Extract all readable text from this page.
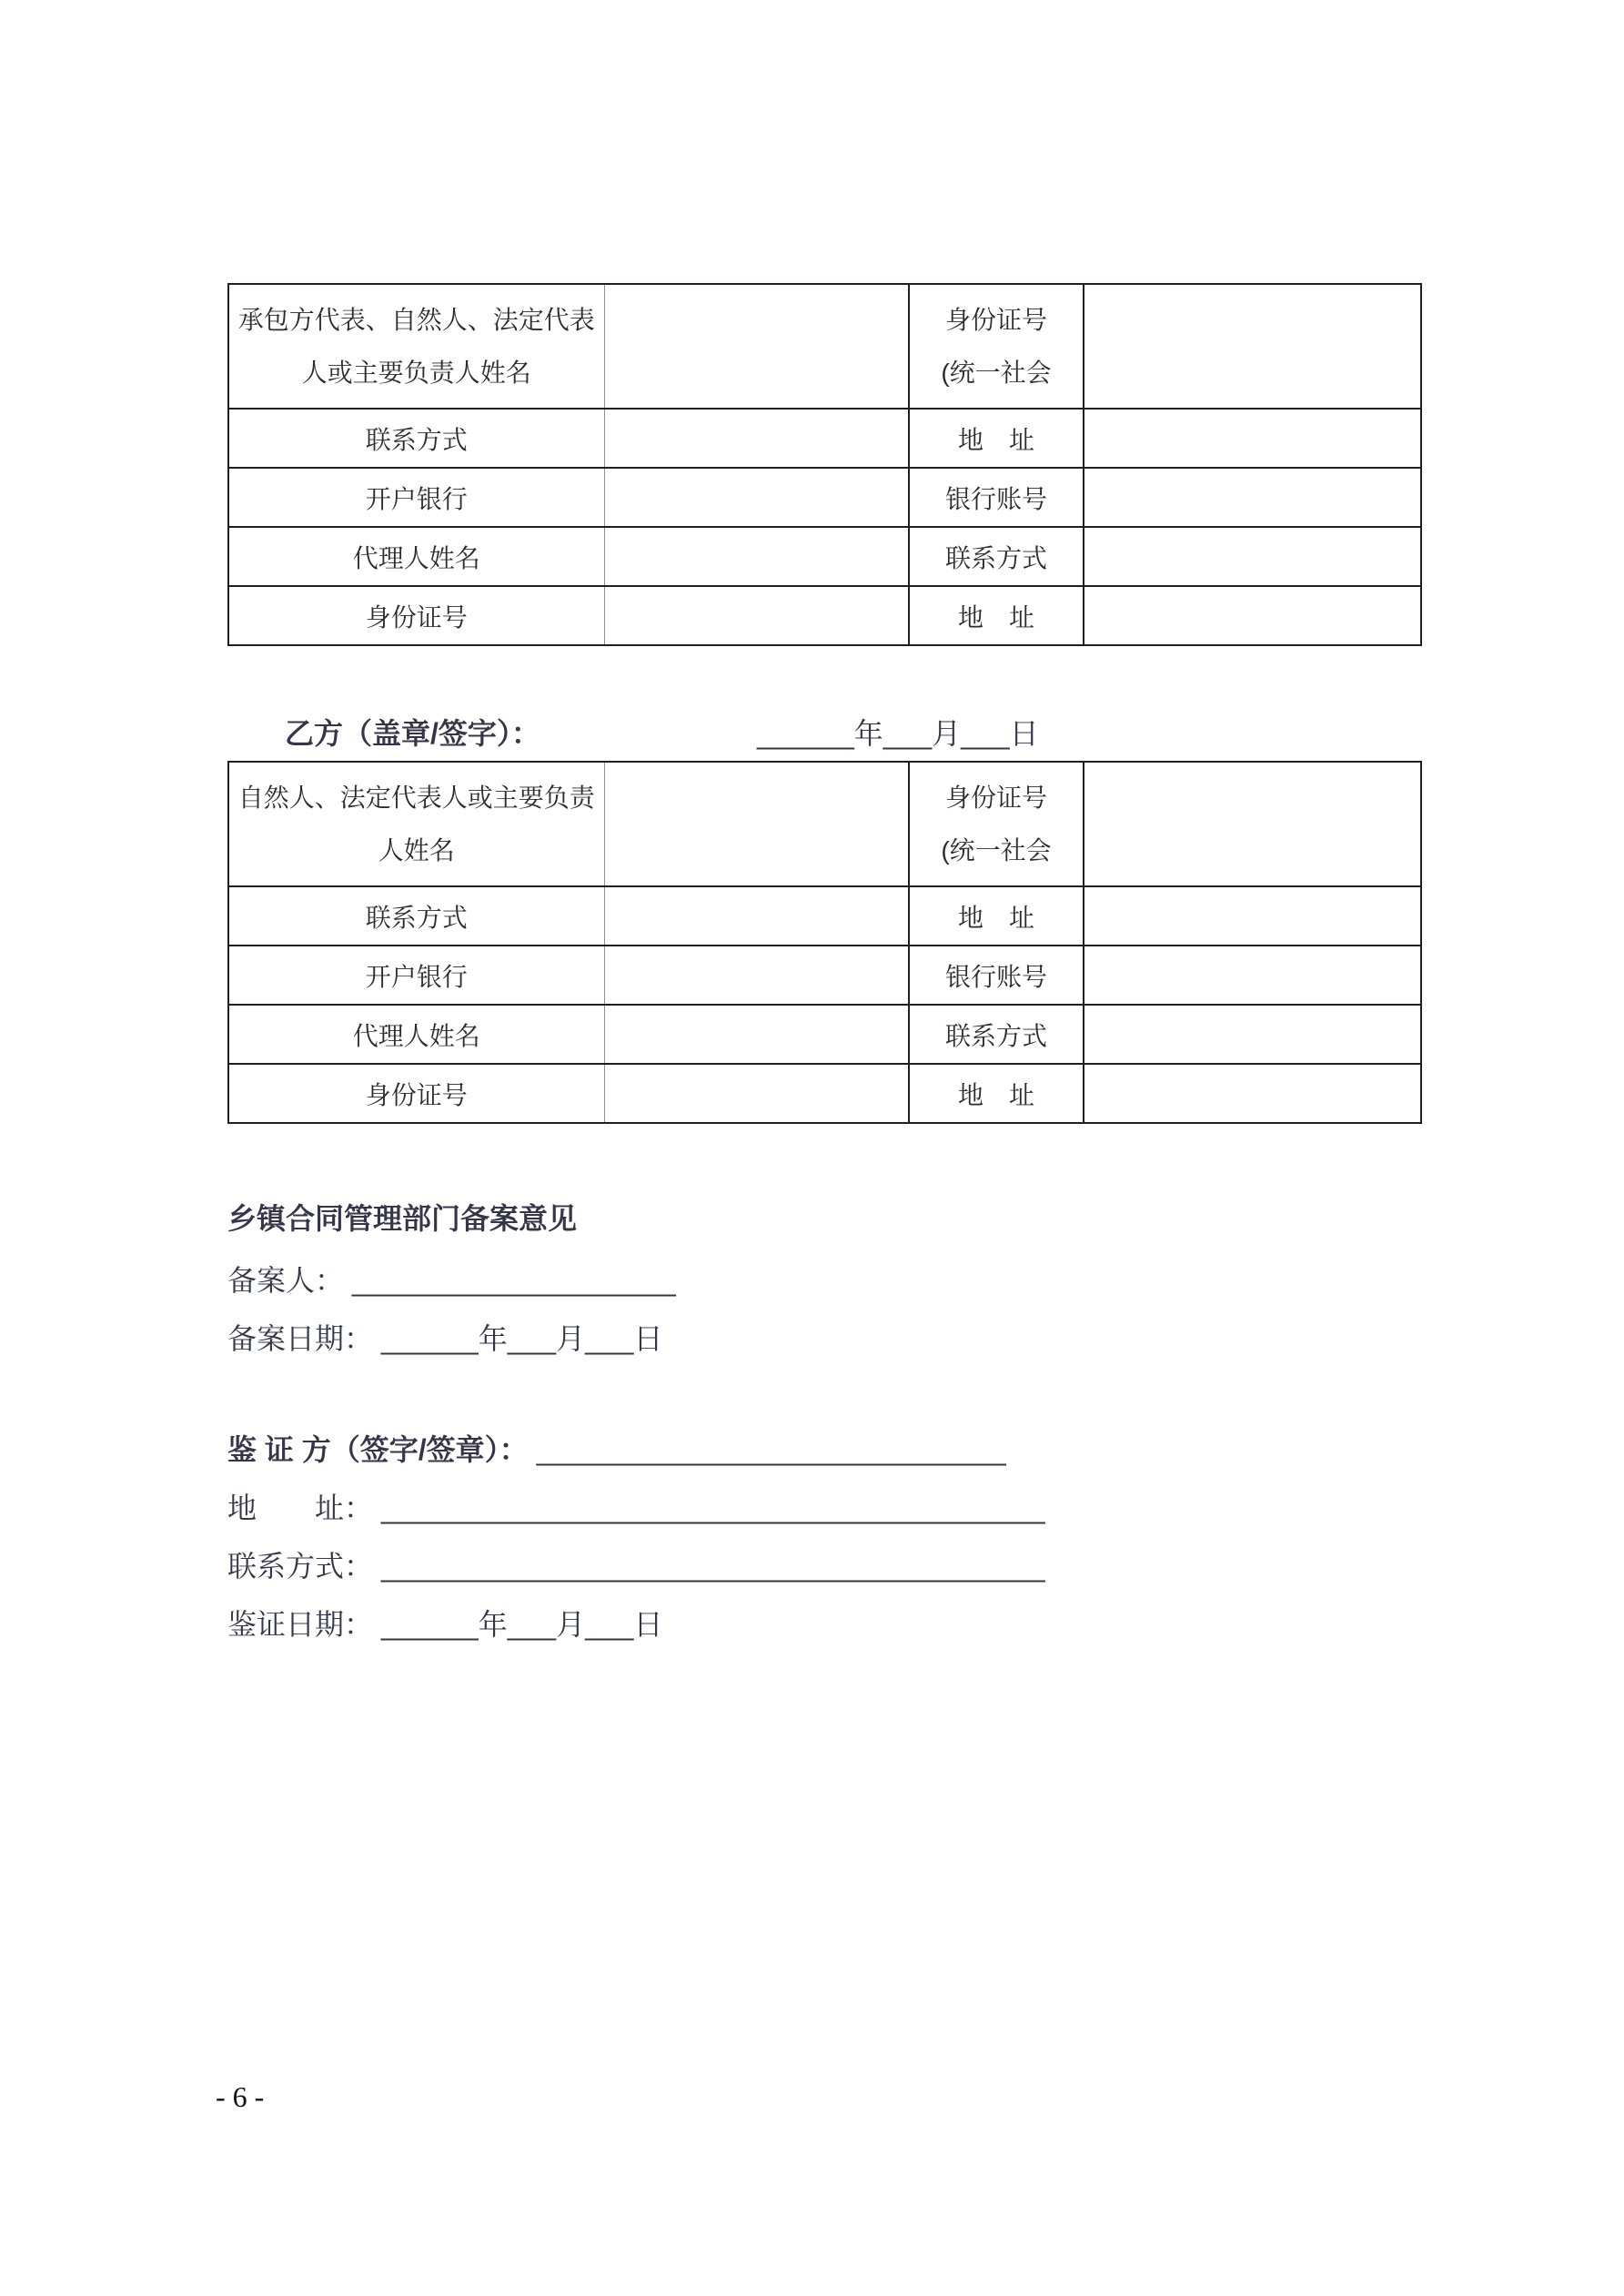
承包方代表、自然人、法定代表
人或主要负责人姓名		身份证号
(统一社会	
联系方式		地　址	
开户银行		银行账号	
代理人姓名		联系方式	
身份证号		地　址	
乙方（盖章/签字）：	______年___月___日
自然人、法定代表人或主要负责
人姓名		身份证号
(统一社会	
联系方式		地　址	
开户银行		银行账号	
代理人姓名		联系方式	
身份证号		地　址	
乡镇合同管理部门备案意见
备案人： ____________________
备案日期： ______年___月___日
鉴 证 方（签字/签章）： _____________________________
地　　址： _________________________________________
联系方式： _________________________________________
鉴证日期： ______年___月___日
- 6 -
